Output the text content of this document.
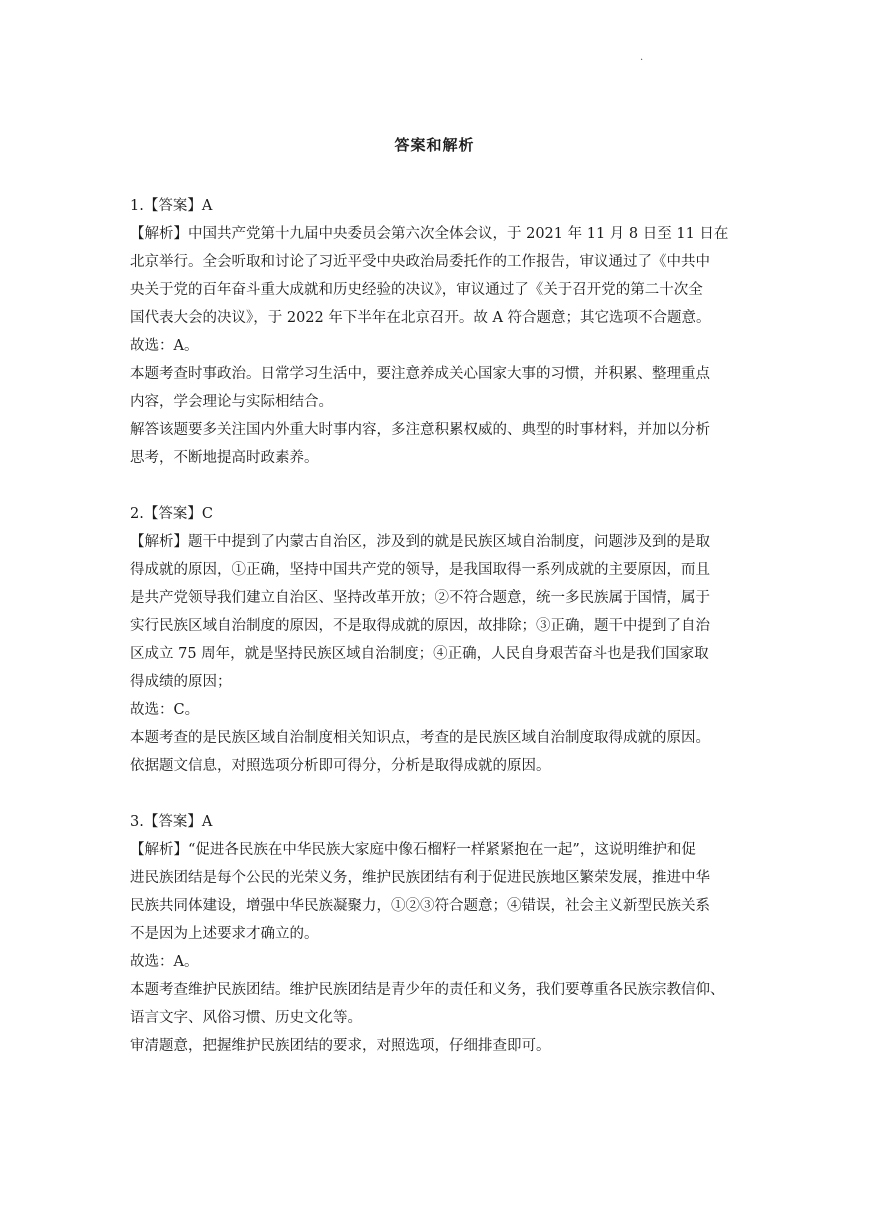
.
答案和解析
1.【答案】A
【解析】中国共产党第十九届中央委员会第六次全体会议，于 2021 年 11 月 8 日至 11 日在
北京举行。全会听取和讨论了习近平受中央政治局委托作的工作报告，审议通过了《中共中
央关于党的百年奋斗重大成就和历史经验的决议》，审议通过了《关于召开党的第二十次全
国代表大会的决议》，于 2022 年下半年在北京召开。故 A 符合题意；其它选项不合题意。
故选：A。
本题考查时事政治。日常学习生活中，要注意养成关心国家大事的习惯，并积累、整理重点
内容，学会理论与实际相结合。
解答该题要多关注国内外重大时事内容，多注意积累权威的、典型的时事材料，并加以分析
思考，不断地提高时政素养。
2.【答案】C
【解析】题干中提到了内蒙古自治区，涉及到的就是民族区域自治制度，问题涉及到的是取
得成就的原因，①正确，坚持中国共产党的领导，是我国取得一系列成就的主要原因，而且
是共产党领导我们建立自治区、坚持改革开放；②不符合题意，统一多民族属于国情，属于
实行民族区域自治制度的原因，不是取得成就的原因，故排除；③正确，题干中提到了自治
区成立 75 周年，就是坚持民族区域自治制度；④正确，人民自身艰苦奋斗也是我们国家取
得成绩的原因；
故选：C。
本题考查的是民族区域自治制度相关知识点，考查的是民族区域自治制度取得成就的原因。
依据题文信息，对照选项分析即可得分，分析是取得成就的原因。
3.【答案】A
【解析】“促进各民族在中华民族大家庭中像石榴籽一样紧紧抱在一起”，这说明维护和促
进民族团结是每个公民的光荣义务，维护民族团结有利于促进民族地区繁荣发展，推进中华
民族共同体建设，增强中华民族凝聚力，①②③符合题意；④错误，社会主义新型民族关系
不是因为上述要求才确立的。
故选：A。
本题考查维护民族团结。维护民族团结是青少年的责任和义务，我们要尊重各民族宗教信仰、
语言文字、风俗习惯、历史文化等。
审清题意，把握维护民族团结的要求，对照选项，仔细排查即可。
